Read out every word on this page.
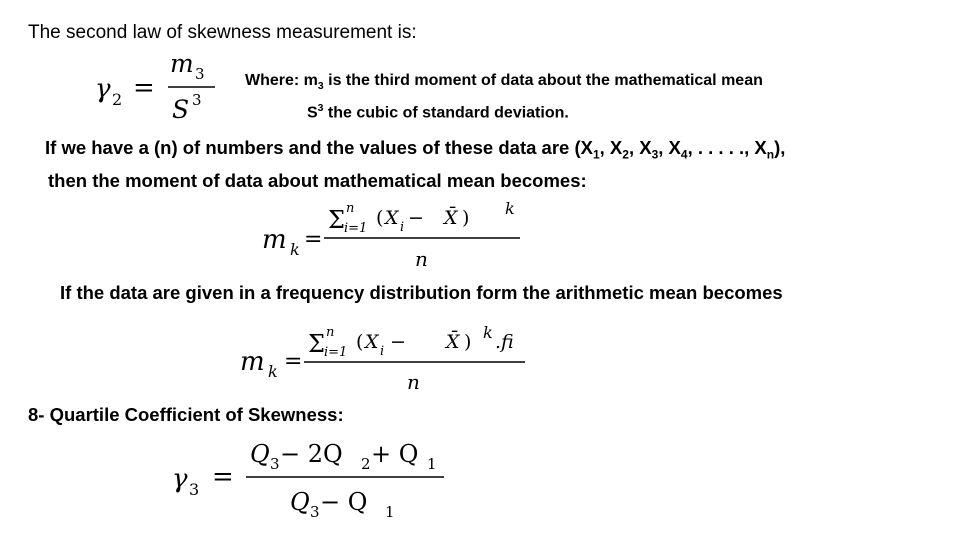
The second law of skewness measurement is:
γ 2 =
m 3
S 3
Where: $m_3$ is the third moment of data about the mathematical mean
$S^3$ the cubic of standard deviation.
If we have a (n) of numbers and the values of these data are ($X_1$, $X_2$, $X_3$, $X_4$, . . . . ., $X_n$),
then the moment of data about mathematical mean becomes:
m k =
Σ n
i=1 ( X i − X̄ ) k
n
If the data are given in a frequency distribution form the arithmetic mean becomes
m k =
Σ n
i=1 ( X i − X̄ ) k .fi
n
8- Quartile Coefficient of Skewness:
γ 3 =
Q 3 − 2Q 2 + Q 1
Q 3 − Q 1
